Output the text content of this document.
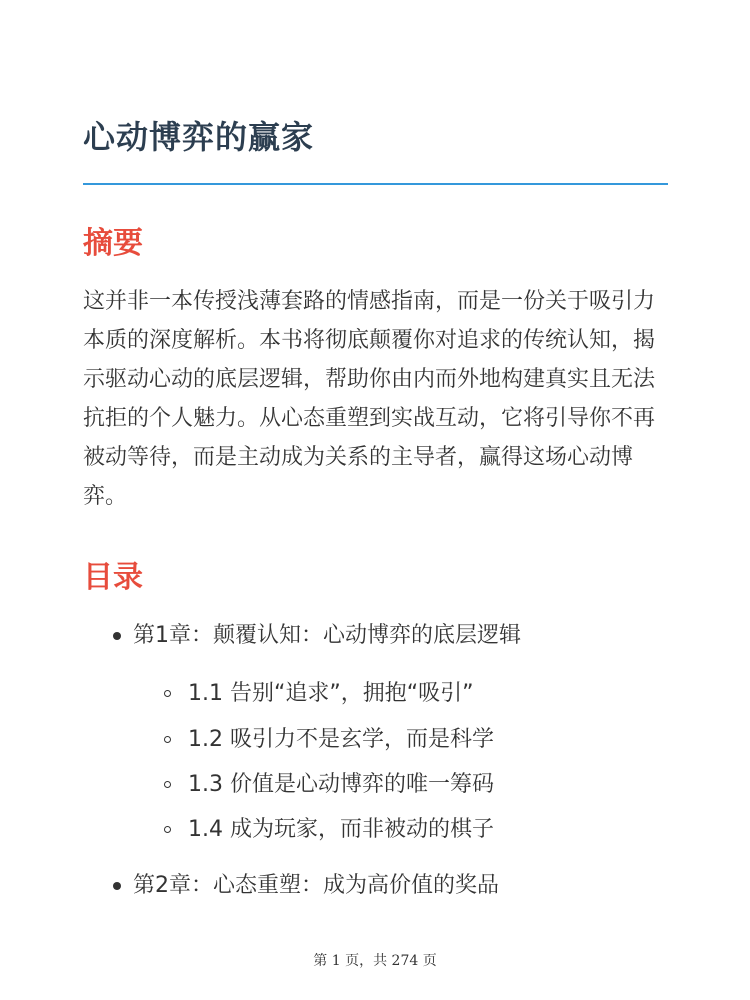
心动博弈的赢家
摘要

这并非一本传授浅薄套路的情感指南，而是一份关于吸引力本质的深度解析。本书将彻底颠覆你对追求的传统认知，揭示驱动心动的底层逻辑，帮助你由内而外地构建真实且无法抗拒的个人魅力。从心态重塑到实战互动，它将引导你不再被动等待，而是主动成为关系的主导者，赢得这场心动博弈。

目录
第1章：颠覆认知：心动博弈的底层逻辑
1.1 告别“追求”，拥抱“吸引”
1.2 吸引力不是玄学，而是科学
1.3 价值是心动博弈的唯一筹码
1.4 成为玩家，而非被动的棋子
第2章：心态重塑：成为高价值的奖品
第 1 页，共 274 页
